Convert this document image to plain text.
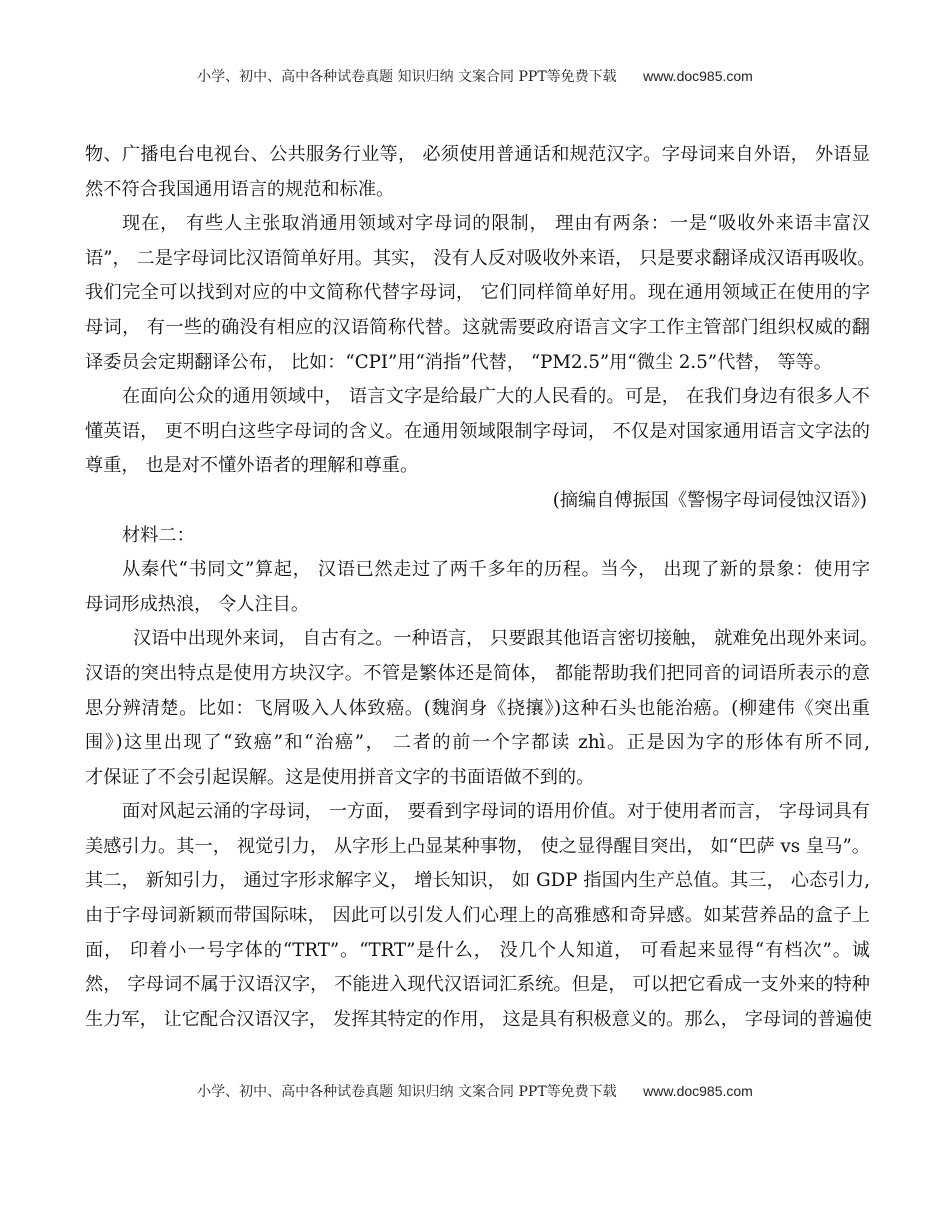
小学、初中、高中各种试卷真题 知识归纳 文案合同 PPT等免费下载 www.doc985.com

物、广播电台电视台、公共服务行业等， 必须使用普通话和规范汉字。字母词来自外语， 外语显
然不符合我国通用语言的规范和标准。

现在， 有些人主张取消通用领域对字母词的限制， 理由有两条：一是“吸收外来语丰富汉
语”， 二是字母词比汉语简单好用。其实， 没有人反对吸收外来语， 只是要求翻译成汉语再吸收。
我们完全可以找到对应的中文简称代替字母词， 它们同样简单好用。现在通用领域正在使用的字
母词， 有一些的确没有相应的汉语简称代替。这就需要政府语言文字工作主管部门组织权威的翻
译委员会定期翻译公布， 比如：“CPI”用“消指”代替， “PM2.5”用“微尘 2.5”代替， 等等。

在面向公众的通用领域中， 语言文字是给最广大的人民看的。可是， 在我们身边有很多人不
懂英语， 更不明白这些字母词的含义。在通用领域限制字母词， 不仅是对国家通用语言文字法的
尊重， 也是对不懂外语者的理解和尊重。

(摘编自傅振国《警惕字母词侵蚀汉语》)

材料二：

从秦代“书同文”算起， 汉语已然走过了两千多年的历程。当今， 出现了新的景象：使用字
母词形成热浪， 令人注目。

汉语中出现外来词， 自古有之。一种语言， 只要跟其他语言密切接触， 就难免出现外来词。
汉语的突出特点是使用方块汉字。不管是繁体还是简体， 都能帮助我们把同音的词语所表示的意
思分辨清楚。比如：飞屑吸入人体致癌。(魏润身《挠攘》)这种石头也能治癌。(柳建伟《突出重
围》)这里出现了“致癌”和“治癌”， 二者的前一个字都读 zhì。正是因为字的形体有所不同,
才保证了不会引起误解。这是使用拼音文字的书面语做不到的。

面对风起云涌的字母词， 一方面， 要看到字母词的语用价值。对于使用者而言， 字母词具有
美感引力。其一， 视觉引力， 从字形上凸显某种事物， 使之显得醒目突出， 如“巴萨 vs 皇马”。
其二， 新知引力， 通过字形求解字义， 增长知识， 如 GDP 指国内生产总值。其三， 心态引力,
由于字母词新颖而带国际味， 因此可以引发人们心理上的高雅感和奇异感。如某营养品的盒子上
面， 印着小一号字体的“TRT”。“TRT”是什么， 没几个人知道， 可看起来显得“有档次”。诚
然， 字母词不属于汉语汉字， 不能进入现代汉语词汇系统。但是， 可以把它看成一支外来的特种
生力军， 让它配合汉语汉字， 发挥其特定的作用， 这是具有积极意义的。那么， 字母词的普遍使

小学、初中、高中各种试卷真题 知识归纳 文案合同 PPT等免费下载 www.doc985.com
